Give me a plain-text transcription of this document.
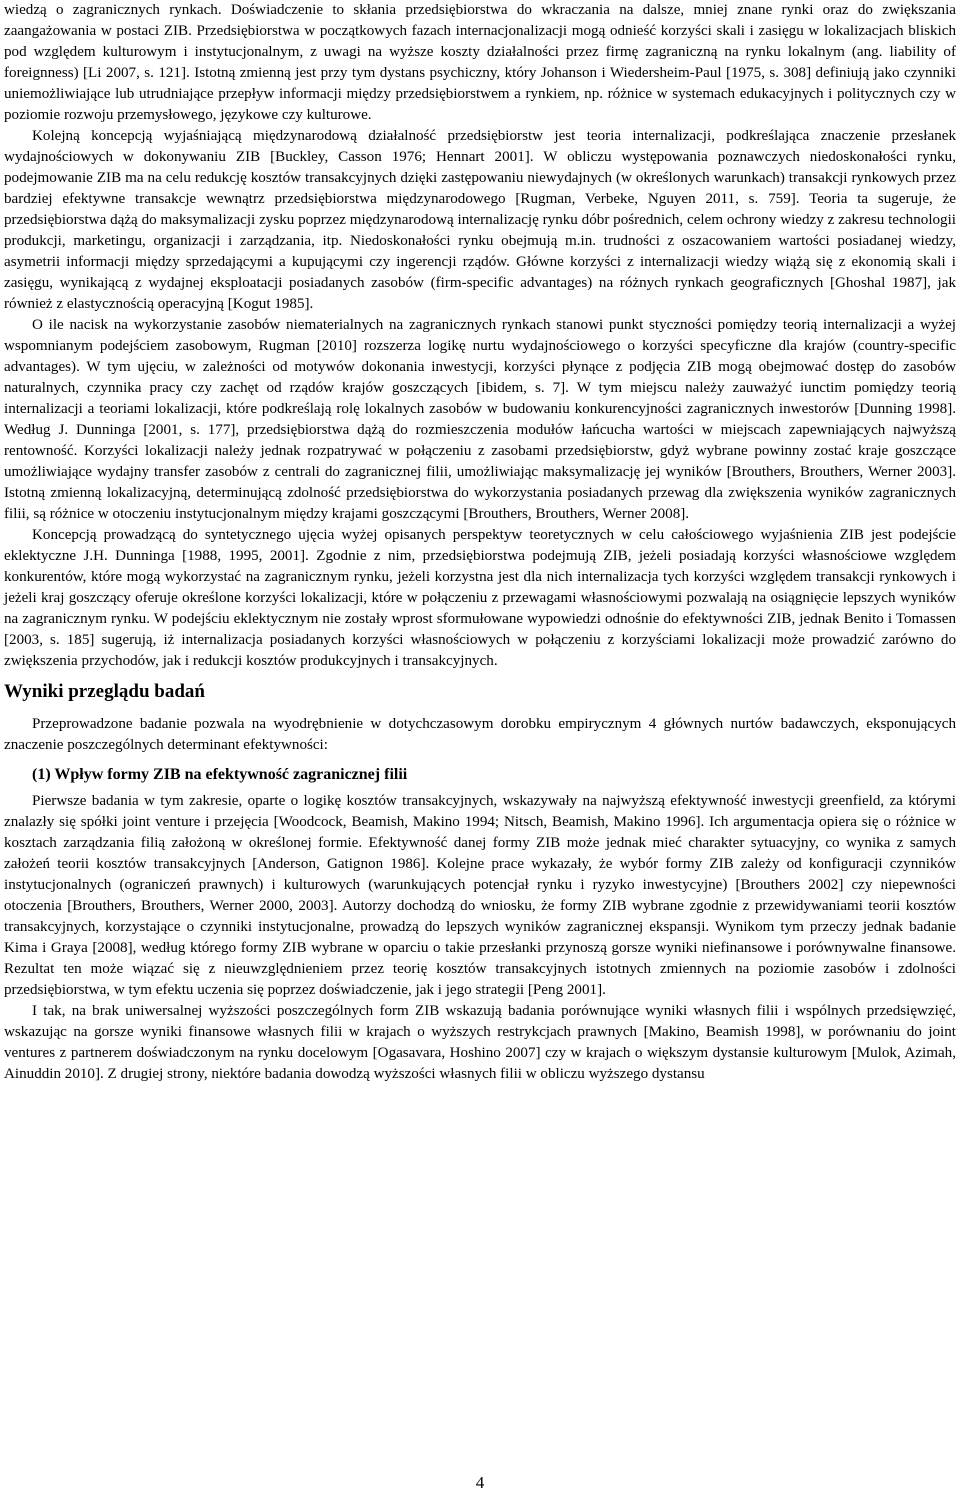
wiedzą o zagranicznych rynkach. Doświadczenie to skłania przedsiębiorstwa do wkraczania na dalsze, mniej znane rynki oraz do zwiększania zaangażowania w postaci ZIB. Przedsiębiorstwa w początkowych fazach internacjonalizacji mogą odnieść korzyści skali i zasięgu w lokalizacjach bliskich pod względem kulturowym i instytucjonalnym, z uwagi na wyższe koszty działalności przez firmę zagraniczną na rynku lokalnym (ang. liability of foreignness) [Li 2007, s. 121]. Istotną zmienną jest przy tym dystans psychiczny, który Johanson i Wiedersheim-Paul [1975, s. 308] definiują jako czynniki uniemożliwiające lub utrudniające przepływ informacji między przedsiębiorstwem a rynkiem, np. różnice w systemach edukacyjnych i politycznych czy w poziomie rozwoju przemysłowego, językowe czy kulturowe.

Kolejną koncepcją wyjaśniającą międzynarodową działalność przedsiębiorstw jest teoria internalizacji, podkreślająca znaczenie przesłanek wydajnościowych w dokonywaniu ZIB [Buckley, Casson 1976; Hennart 2001]. W obliczu występowania poznawczych niedoskonałości rynku, podejmowanie ZIB ma na celu redukcję kosztów transakcyjnych dzięki zastępowaniu niewydajnych (w określonych warunkach) transakcji rynkowych przez bardziej efektywne transakcje wewnątrz przedsiębiorstwa międzynarodowego [Rugman, Verbeke, Nguyen 2011, s. 759]. Teoria ta sugeruje, że przedsiębiorstwa dążą do maksymalizacji zysku poprzez międzynarodową internalizację rynku dóbr pośrednich, celem ochrony wiedzy z zakresu technologii produkcji, marketingu, organizacji i zarządzania, itp. Niedoskonałości rynku obejmują m.in. trudności z oszacowaniem wartości posiadanej wiedzy, asymetrii informacji między sprzedającymi a kupującymi czy ingerencji rządów. Główne korzyści z internalizacji wiedzy wiążą się z ekonomią skali i zasięgu, wynikającą z wydajnej eksploatacji posiadanych zasobów (firm-specific advantages) na różnych rynkach geograficznych [Ghoshal 1987], jak również z elastycznością operacyjną [Kogut 1985].

O ile nacisk na wykorzystanie zasobów niematerialnych na zagranicznych rynkach stanowi punkt styczności pomiędzy teorią internalizacji a wyżej wspomnianym podejściem zasobowym, Rugman [2010] rozszerza logikę nurtu wydajnościowego o korzyści specyficzne dla krajów (country-specific advantages). W tym ujęciu, w zależności od motywów dokonania inwestycji, korzyści płynące z podjęcia ZIB mogą obejmować dostęp do zasobów naturalnych, czynnika pracy czy zachęt od rządów krajów goszczących [ibidem, s. 7]. W tym miejscu należy zauważyć iunctim pomiędzy teorią internalizacji a teoriami lokalizacji, które podkreślają rolę lokalnych zasobów w budowaniu konkurencyjności zagranicznych inwestorów [Dunning 1998]. Według J. Dunninga [2001, s. 177], przedsiębiorstwa dążą do rozmieszczenia modułów łańcucha wartości w miejscach zapewniających najwyższą rentowność. Korzyści lokalizacji należy jednak rozpatrywać w połączeniu z zasobami przedsiębiorstw, gdyż wybrane powinny zostać kraje goszczące umożliwiające wydajny transfer zasobów z centrali do zagranicznej filii, umożliwiając maksymalizację jej wyników [Brouthers, Brouthers, Werner 2003]. Istotną zmienną lokalizacyjną, determinującą zdolność przedsiębiorstwa do wykorzystania posiadanych przewag dla zwiększenia wyników zagranicznych filii, są różnice w otoczeniu instytucjonalnym między krajami goszczącymi [Brouthers, Brouthers, Werner 2008].

Koncepcją prowadzącą do syntetycznego ujęcia wyżej opisanych perspektyw teoretycznych w celu całościowego wyjaśnienia ZIB jest podejście eklektyczne J.H. Dunninga [1988, 1995, 2001]. Zgodnie z nim, przedsiębiorstwa podejmują ZIB, jeżeli posiadają korzyści własnościowe względem konkurentów, które mogą wykorzystać na zagranicznym rynku, jeżeli korzystna jest dla nich internalizacja tych korzyści względem transakcji rynkowych i jeżeli kraj goszczący oferuje określone korzyści lokalizacji, które w połączeniu z przewagami własnościowymi pozwalają na osiągnięcie lepszych wyników na zagranicznym rynku. W podejściu eklektycznym nie zostały wprost sformułowane wypowiedzi odnośnie do efektywności ZIB, jednak Benito i Tomassen [2003, s. 185] sugerują, iż internalizacja posiadanych korzyści własnościowych w połączeniu z korzyściami lokalizacji może prowadzić zarówno do zwiększenia przychodów, jak i redukcji kosztów produkcyjnych i transakcyjnych.

Wyniki przeglądu badań

Przeprowadzone badanie pozwala na wyodrębnienie w dotychczasowym dorobku empirycznym 4 głównych nurtów badawczych, eksponujących znaczenie poszczególnych determinant efektywności:

(1) Wpływ formy ZIB na efektywność zagranicznej filii

Pierwsze badania w tym zakresie, oparte o logikę kosztów transakcyjnych, wskazywały na najwyższą efektywność inwestycji greenfield, za którymi znalazły się spółki joint venture i przejęcia [Woodcock, Beamish, Makino 1994; Nitsch, Beamish, Makino 1996]. Ich argumentacja opiera się o różnice w kosztach zarządzania filią założoną w określonej formie. Efektywność danej formy ZIB może jednak mieć charakter sytuacyjny, co wynika z samych założeń teorii kosztów transakcyjnych [Anderson, Gatignon 1986]. Kolejne prace wykazały, że wybór formy ZIB zależy od konfiguracji czynników instytucjonalnych (ograniczeń prawnych) i kulturowych (warunkujących potencjał rynku i ryzyko inwestycyjne) [Brouthers 2002] czy niepewności otoczenia [Brouthers, Brouthers, Werner 2000, 2003]. Autorzy dochodzą do wniosku, że formy ZIB wybrane zgodnie z przewidywaniami teorii kosztów transakcyjnych, korzystające o czynniki instytucjonalne, prowadzą do lepszych wyników zagranicznej ekspansji. Wynikom tym przeczy jednak badanie Kima i Graya [2008], według którego formy ZIB wybrane w oparciu o takie przesłanki przynoszą gorsze wyniki niefinansowe i porównywalne finansowe. Rezultat ten może wiązać się z nieuwzględnieniem przez teorię kosztów transakcyjnych istotnych zmiennych na poziomie zasobów i zdolności przedsiębiorstwa, w tym efektu uczenia się poprzez doświadczenie, jak i jego strategii [Peng 2001].

I tak, na brak uniwersalnej wyższości poszczególnych form ZIB wskazują badania porównujące wyniki własnych filii i wspólnych przedsięwzięć, wskazując na gorsze wyniki finansowe własnych filii w krajach o wyższych restrykcjach prawnych [Makino, Beamish 1998], w porównaniu do joint ventures z partnerem doświadczonym na rynku docelowym [Ogasavara, Hoshino 2007] czy w krajach o większym dystansie kulturowym [Mulok, Azimah, Ainuddin 2010]. Z drugiej strony, niektóre badania dowodzą wyższości własnych filii w obliczu wyższego dystansu

4
